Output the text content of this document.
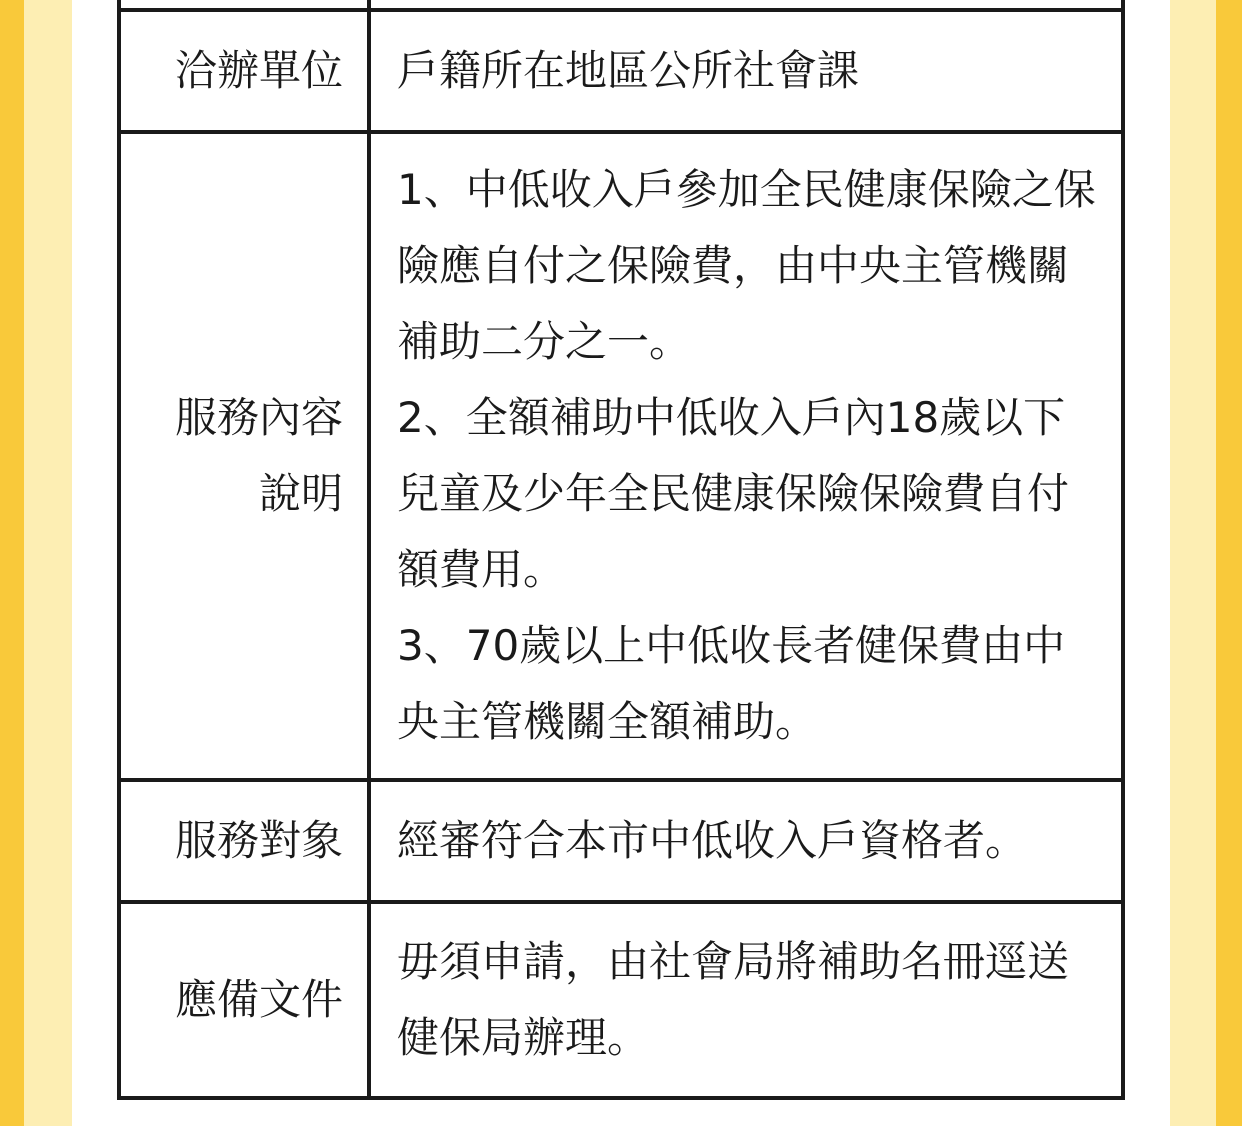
洽辦單位	戶籍所在地區公所社會課

服務內容
說明	1、中低收入戶參加全民健康保險之保險應自付之保險費，由中央主管機關補助二分之一。
2、全額補助中低收入戶內18歲以下兒童及少年全民健康保險保險費自付額費用。
3、70歲以上中低收長者健保費由中央主管機關全額補助。

服務對象	經審符合本市中低收入戶資格者。
應備文件	毋須申請，由社會局將補助名冊逕送健保局辦理。
